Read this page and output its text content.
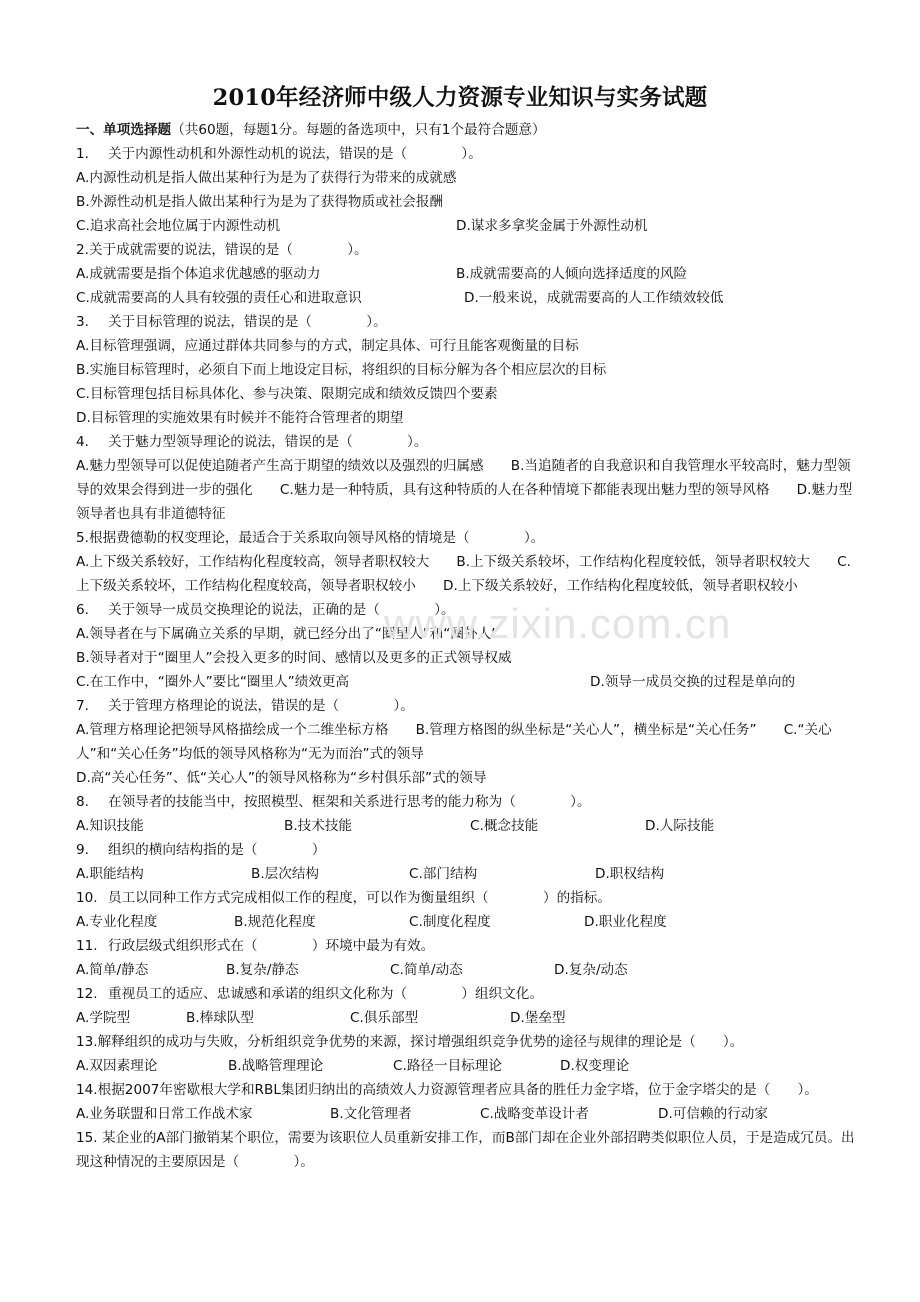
2010年经济师中级人力资源专业知识与实务试题
一、单项选择题（共60题，每题1分。每题的备选项中，只有1个最符合题意）
1. 关于内源性动机和外源性动机的说法，错误的是（　　　　）。
A.内源性动机是指人做出某种行为是为了获得行为带来的成就感
B.外源性动机是指人做出某种行为是为了获得物质或社会报酬
C.追求高社会地位属于内源性动机	D.谋求多拿奖金属于外源性动机
2.关于成就需要的说法，错误的是（　　　　）。
A.成就需要是指个体追求优越感的驱动力	B.成就需要高的人倾向选择适度的风险
C.成就需要高的人具有较强的责任心和进取意识	D.一般来说，成就需要高的人工作绩效较低
3. 关于目标管理的说法，错误的是（　　　　）。
A.目标管理强调，应通过群体共同参与的方式，制定具体、可行且能客观衡量的目标
B.实施目标管理时，必须自下而上地设定目标，将组织的目标分解为各个相应层次的目标
C.目标管理包括目标具体化、参与决策、限期完成和绩效反馈四个要素
D.目标管理的实施效果有时候并不能符合管理者的期望
4. 关于魅力型领导理论的说法，错误的是（　　　　）。
A.魅力型领导可以促使追随者产生高于期望的绩效以及强烈的归属感　　B.当追随者的自我意识和自我管理水平较高时，魅力型领导的效果会得到进一步的强化　　C.魅力是一种特质，具有这种特质的人在各种情境下都能表现出魅力型的领导风格　　D.魅力型领导者也具有非道德特征
5.根据费德勒的权变理论，最适合于关系取向领导风格的情境是（　　　　）。
A.上下级关系较好，工作结构化程度较高，领导者职权较大　　B.上下级关系较坏，工作结构化程度较低，领导者职权较大　　C.上下级关系较坏，工作结构化程度较高，领导者职权较小　　D.上下级关系较好，工作结构化程度较低，领导者职权较小
6. 关于领导一成员交换理论的说法，正确的是（　　　　）。
A.领导者在与下属确立关系的早期，就已经分出了“圈里人”和“圈外人”
B.领导者对于“圈里人”会投入更多的时间、感情以及更多的正式领导权威
C.在工作中，“圈外人”要比“圈里人”绩效更高	D.领导一成员交换的过程是单向的
7. 关于管理方格理论的说法，错误的是（　　　　）。
A.管理方格理论把领导风格描绘成一个二维坐标方格　　B.管理方格图的纵坐标是“关心人”，横坐标是“关心任务”　　C.“关心人”和“关心任务”均低的领导风格称为“无为而治”式的领导
D.高“关心任务”、低“关心人”的领导风格称为“乡村俱乐部”式的领导
8. 在领导者的技能当中，按照模型、框架和关系进行思考的能力称为（　　　　）。
A.知识技能	B.技术技能	C.概念技能	D.人际技能
9. 组织的横向结构指的是（　　　　）
A.职能结构	B.层次结构	C.部门结构	D.职权结构
10. 员工以同种工作方式完成相似工作的程度，可以作为衡量组织（　　　　）的指标。
A.专业化程度	B.规范化程度	C.制度化程度	D.职业化程度
11. 行政层级式组织形式在（　　　　）环境中最为有效。
A.简单/静态	B.复杂/静态	C.简单/动态	D.复杂/动态
12. 重视员工的适应、忠诚感和承诺的组织文化称为（　　　　）组织文化。
A.学院型	B.棒球队型	C.俱乐部型	D.堡垒型
13.解释组织的成功与失败，分析组织竞争优势的来源，探讨增强组织竞争优势的途径与规律的理论是（　　）。
A.双因素理论	B.战略管理理论	C.路径一目标理论	D.权变理论
14.根据2007年密歇根大学和RBL集团归纳出的高绩效人力资源管理者应具备的胜任力金字塔，位于金字塔尖的是（　　）。
A.业务联盟和日常工作战术家	B.文化管理者	C.战略变革设计者	D.可信赖的行动家
15. 某企业的A部门撤销某个职位，需要为该职位人员重新安排工作，而B部门却在企业外部招聘类似职位人员，于是造成冗员。出现这种情况的主要原因是（　　　　）。
www.zixin.com.cn
